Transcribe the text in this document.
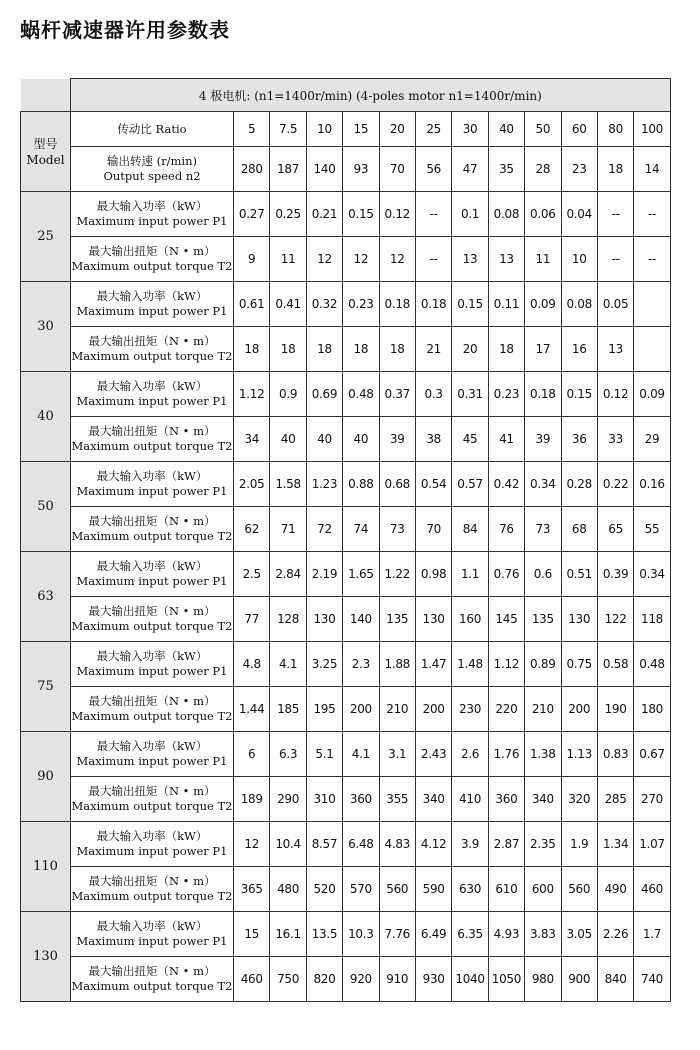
蜗杆减速器许用参数表
	4 极电机: (n1=1400r/min) (4-poles motor n1=1400r/min)												

型号
Model	传动比 Ratio	5	7.5	10	15	20	25	30	40	50	60	80	100

	输出转速 (r/min)
Output speed n2	280	187	140	93	70	56	47	35	28	23	18	14
25	最大输入功率（kW）
Maximum input power P1	0.27	0.25	0.21	0.15	0.12	--	0.1	0.08	0.06	0.04	--	--

	最大输出扭矩（N • m）
Maximum output torque T2	9	11	12	12	12	--	13	13	11	10	--	--
30	最大输入功率（kW）
Maximum input power P1	0.61	0.41	0.32	0.23	0.18	0.18	0.15	0.11	0.09	0.08	0.05	

	最大输出扭矩（N • m）
Maximum output torque T2	18	18	18	18	18	21	20	18	17	16	13	
40	最大输入功率（kW）
Maximum input power P1	1.12	0.9	0.69	0.48	0.37	0.3	0.31	0.23	0.18	0.15	0.12	0.09

	最大输出扭矩（N • m）
Maximum output torque T2	34	40	40	40	39	38	45	41	39	36	33	29
50	最大输入功率（kW）
Maximum input power P1	2.05	1.58	1.23	0.88	0.68	0.54	0.57	0.42	0.34	0.28	0.22	0.16

	最大输出扭矩（N • m）
Maximum output torque T2	62	71	72	74	73	70	84	76	73	68	65	55
63	最大输入功率（kW）
Maximum input power P1	2.5	2.84	2.19	1.65	1.22	0.98	1.1	0.76	0.6	0.51	0.39	0.34

	最大输出扭矩（N • m）
Maximum output torque T2	77	128	130	140	135	130	160	145	135	130	122	118
75	最大输入功率（kW）
Maximum input power P1	4.8	4.1	3.25	2.3	1.88	1.47	1.48	1.12	0.89	0.75	0.58	0.48

	最大输出扭矩（N • m）
Maximum output torque T2	1.44	185	195	200	210	200	230	220	210	200	190	180
90	最大输入功率（kW）
Maximum input power P1	6	6.3	5.1	4.1	3.1	2.43	2.6	1.76	1.38	1.13	0.83	0.67

	最大输出扭矩（N • m）
Maximum output torque T2	189	290	310	360	355	340	410	360	340	320	285	270
110	最大输入功率（kW）
Maximum input power P1	12	10.4	8.57	6.48	4.83	4.12	3.9	2.87	2.35	1.9	1.34	1.07

	最大输出扭矩（N • m）
Maximum output torque T2	365	480	520	570	560	590	630	610	600	560	490	460
130	最大输入功率（kW）
Maximum input power P1	15	16.1	13.5	10.3	7.76	6.49	6.35	4.93	3.83	3.05	2.26	1.7

	最大输出扭矩（N • m）
Maximum output torque T2	460	750	820	920	910	930	1040	1050	980	900	840	740
